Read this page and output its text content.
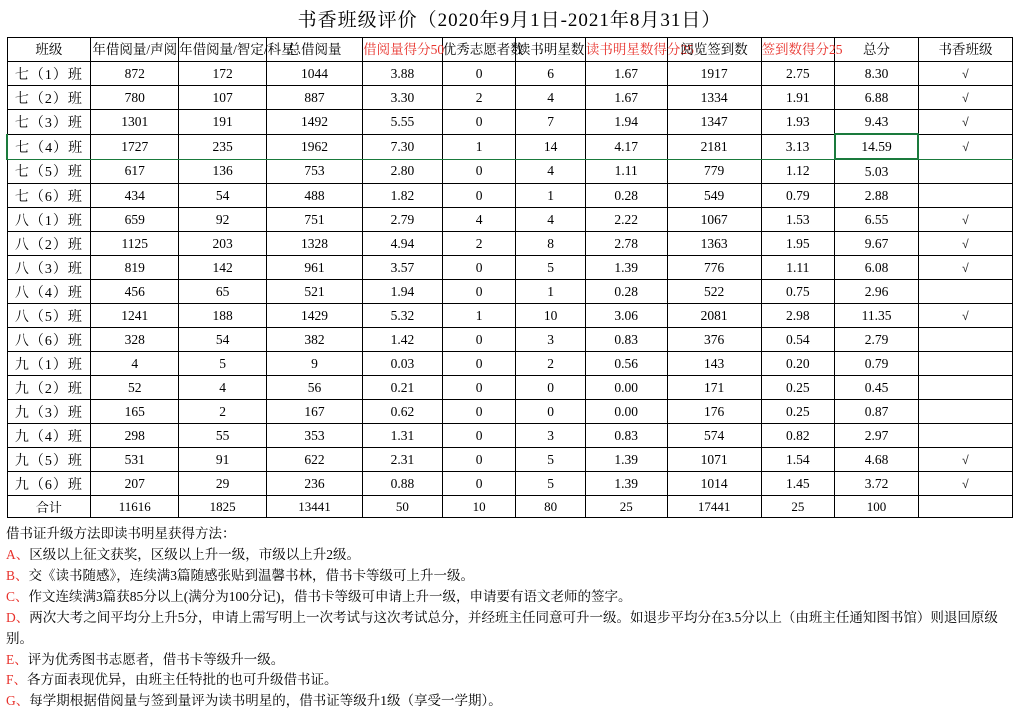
书香班级评价（2020年9月1日-2021年8月31日）
班级	年借阅量/声阅	年借阅量/智定/科星	总借阅量	借阅量得分50	优秀志愿者数	读书明星数	读书明星数得分25	阅览签到数	签到数得分25	总分	书香班级
七（1）班	872	172	1044	3.88	0	6	1.67	1917	2.75	8.30	√
七（2）班	780	107	887	3.30	2	4	1.67	1334	1.91	6.88	√
七（3）班	1301	191	1492	5.55	0	7	1.94	1347	1.93	9.43	√
七（4）班	1727	235	1962	7.30	1	14	4.17	2181	3.13	14.59	√
七（5）班	617	136	753	2.80	0	4	1.11	779	1.12	5.03	
七（6）班	434	54	488	1.82	0	1	0.28	549	0.79	2.88	
八（1）班	659	92	751	2.79	4	4	2.22	1067	1.53	6.55	√
八（2）班	1125	203	1328	4.94	2	8	2.78	1363	1.95	9.67	√
八（3）班	819	142	961	3.57	0	5	1.39	776	1.11	6.08	√
八（4）班	456	65	521	1.94	0	1	0.28	522	0.75	2.96	
八（5）班	1241	188	1429	5.32	1	10	3.06	2081	2.98	11.35	√
八（6）班	328	54	382	1.42	0	3	0.83	376	0.54	2.79	
九（1）班	4	5	9	0.03	0	2	0.56	143	0.20	0.79	
九（2）班	52	4	56	0.21	0	0	0.00	171	0.25	0.45	
九（3）班	165	2	167	0.62	0	0	0.00	176	0.25	0.87	
九（4）班	298	55	353	1.31	0	3	0.83	574	0.82	2.97	
九（5）班	531	91	622	2.31	0	5	1.39	1071	1.54	4.68	√
九（6）班	207	29	236	0.88	0	5	1.39	1014	1.45	3.72	√
合计	11616	1825	13441	50	10	80	25	17441	25	100	
借书证升级方法即读书明星获得方法：
A、区级以上征文获奖，区级以上升一级，市级以上升2级。
B、交《读书随感》，连续满3篇随感张贴到温馨书林，借书卡等级可上升一级。
C、作文连续满3篇获85分以上(满分为100分记)，借书卡等级可申请上升一级，申请要有语文老师的签字。
D、两次大考之间平均分上升5分，申请上需写明上一次考试与这次考试总分，并经班主任同意可升一级。如退步平均分在3.5分以上（由班主任通知图书馆）则退回原级别。
E、评为优秀图书志愿者，借书卡等级升一级。
F、各方面表现优异，由班主任特批的也可升级借书证。
G、每学期根据借阅量与签到量评为读书明星的，借书证等级升1级（享受一学期）。
